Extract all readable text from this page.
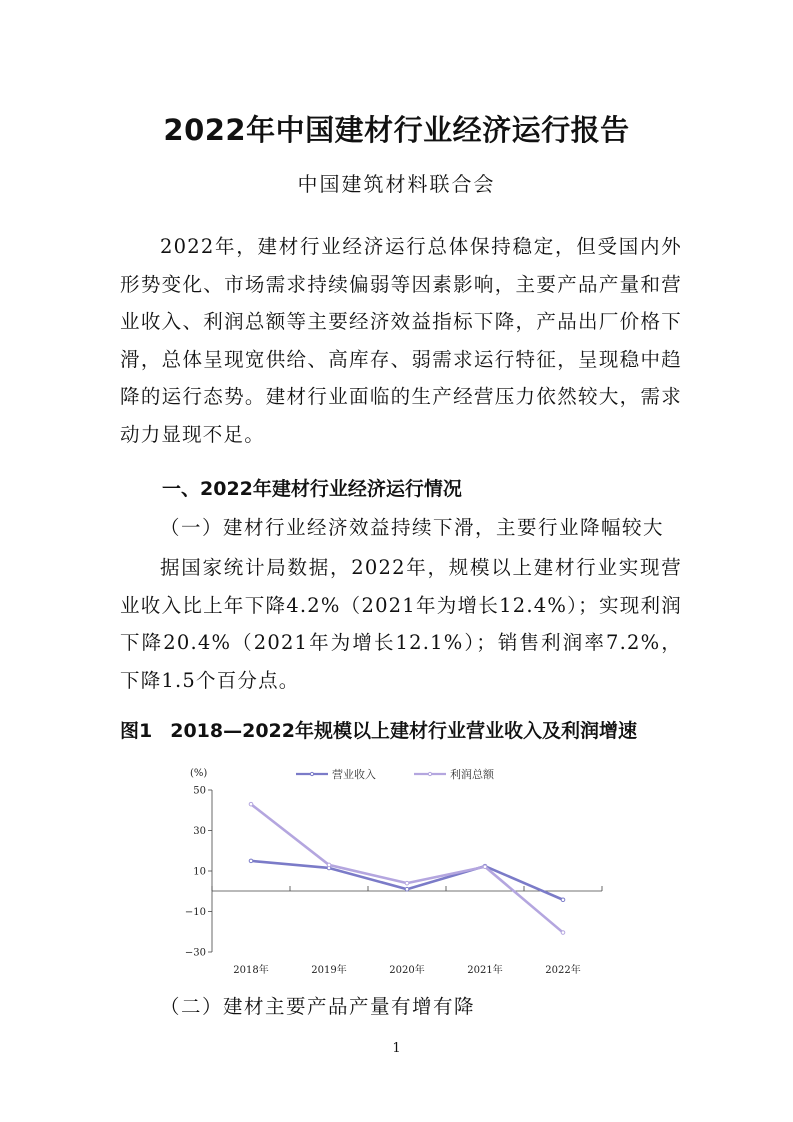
2022年中国建材行业经济运行报告
中国建筑材料联合会

2022年，建材行业经济运行总体保持稳定，但受国内外形势变化、市场需求持续偏弱等因素影响，主要产品产量和营业收入、利润总额等主要经济效益指标下降，产品出厂价格下滑，总体呈现宽供给、高库存、弱需求运行特征，呈现稳中趋降的运行态势。建材行业面临的生产经营压力依然较大，需求动力显现不足。

一、2022年建材行业经济运行情况
（一）建材行业经济效益持续下滑，主要行业降幅较大

据国家统计局数据，2022年，规模以上建材行业实现营业收入比上年下降4.2%（2021年为增长12.4%）；实现利润下降20.4%（2021年为增长12.1%）；销售利润率7.2%，下降1.5个百分点。

图1 2018—2022年规模以上建材行业营业收入及利润增速
(%)	营业收入	利润总额
50
30
10
−10
−30
2018年	2019年	2020年	2021年	2022年
（二）建材主要产品产量有增有降
1
